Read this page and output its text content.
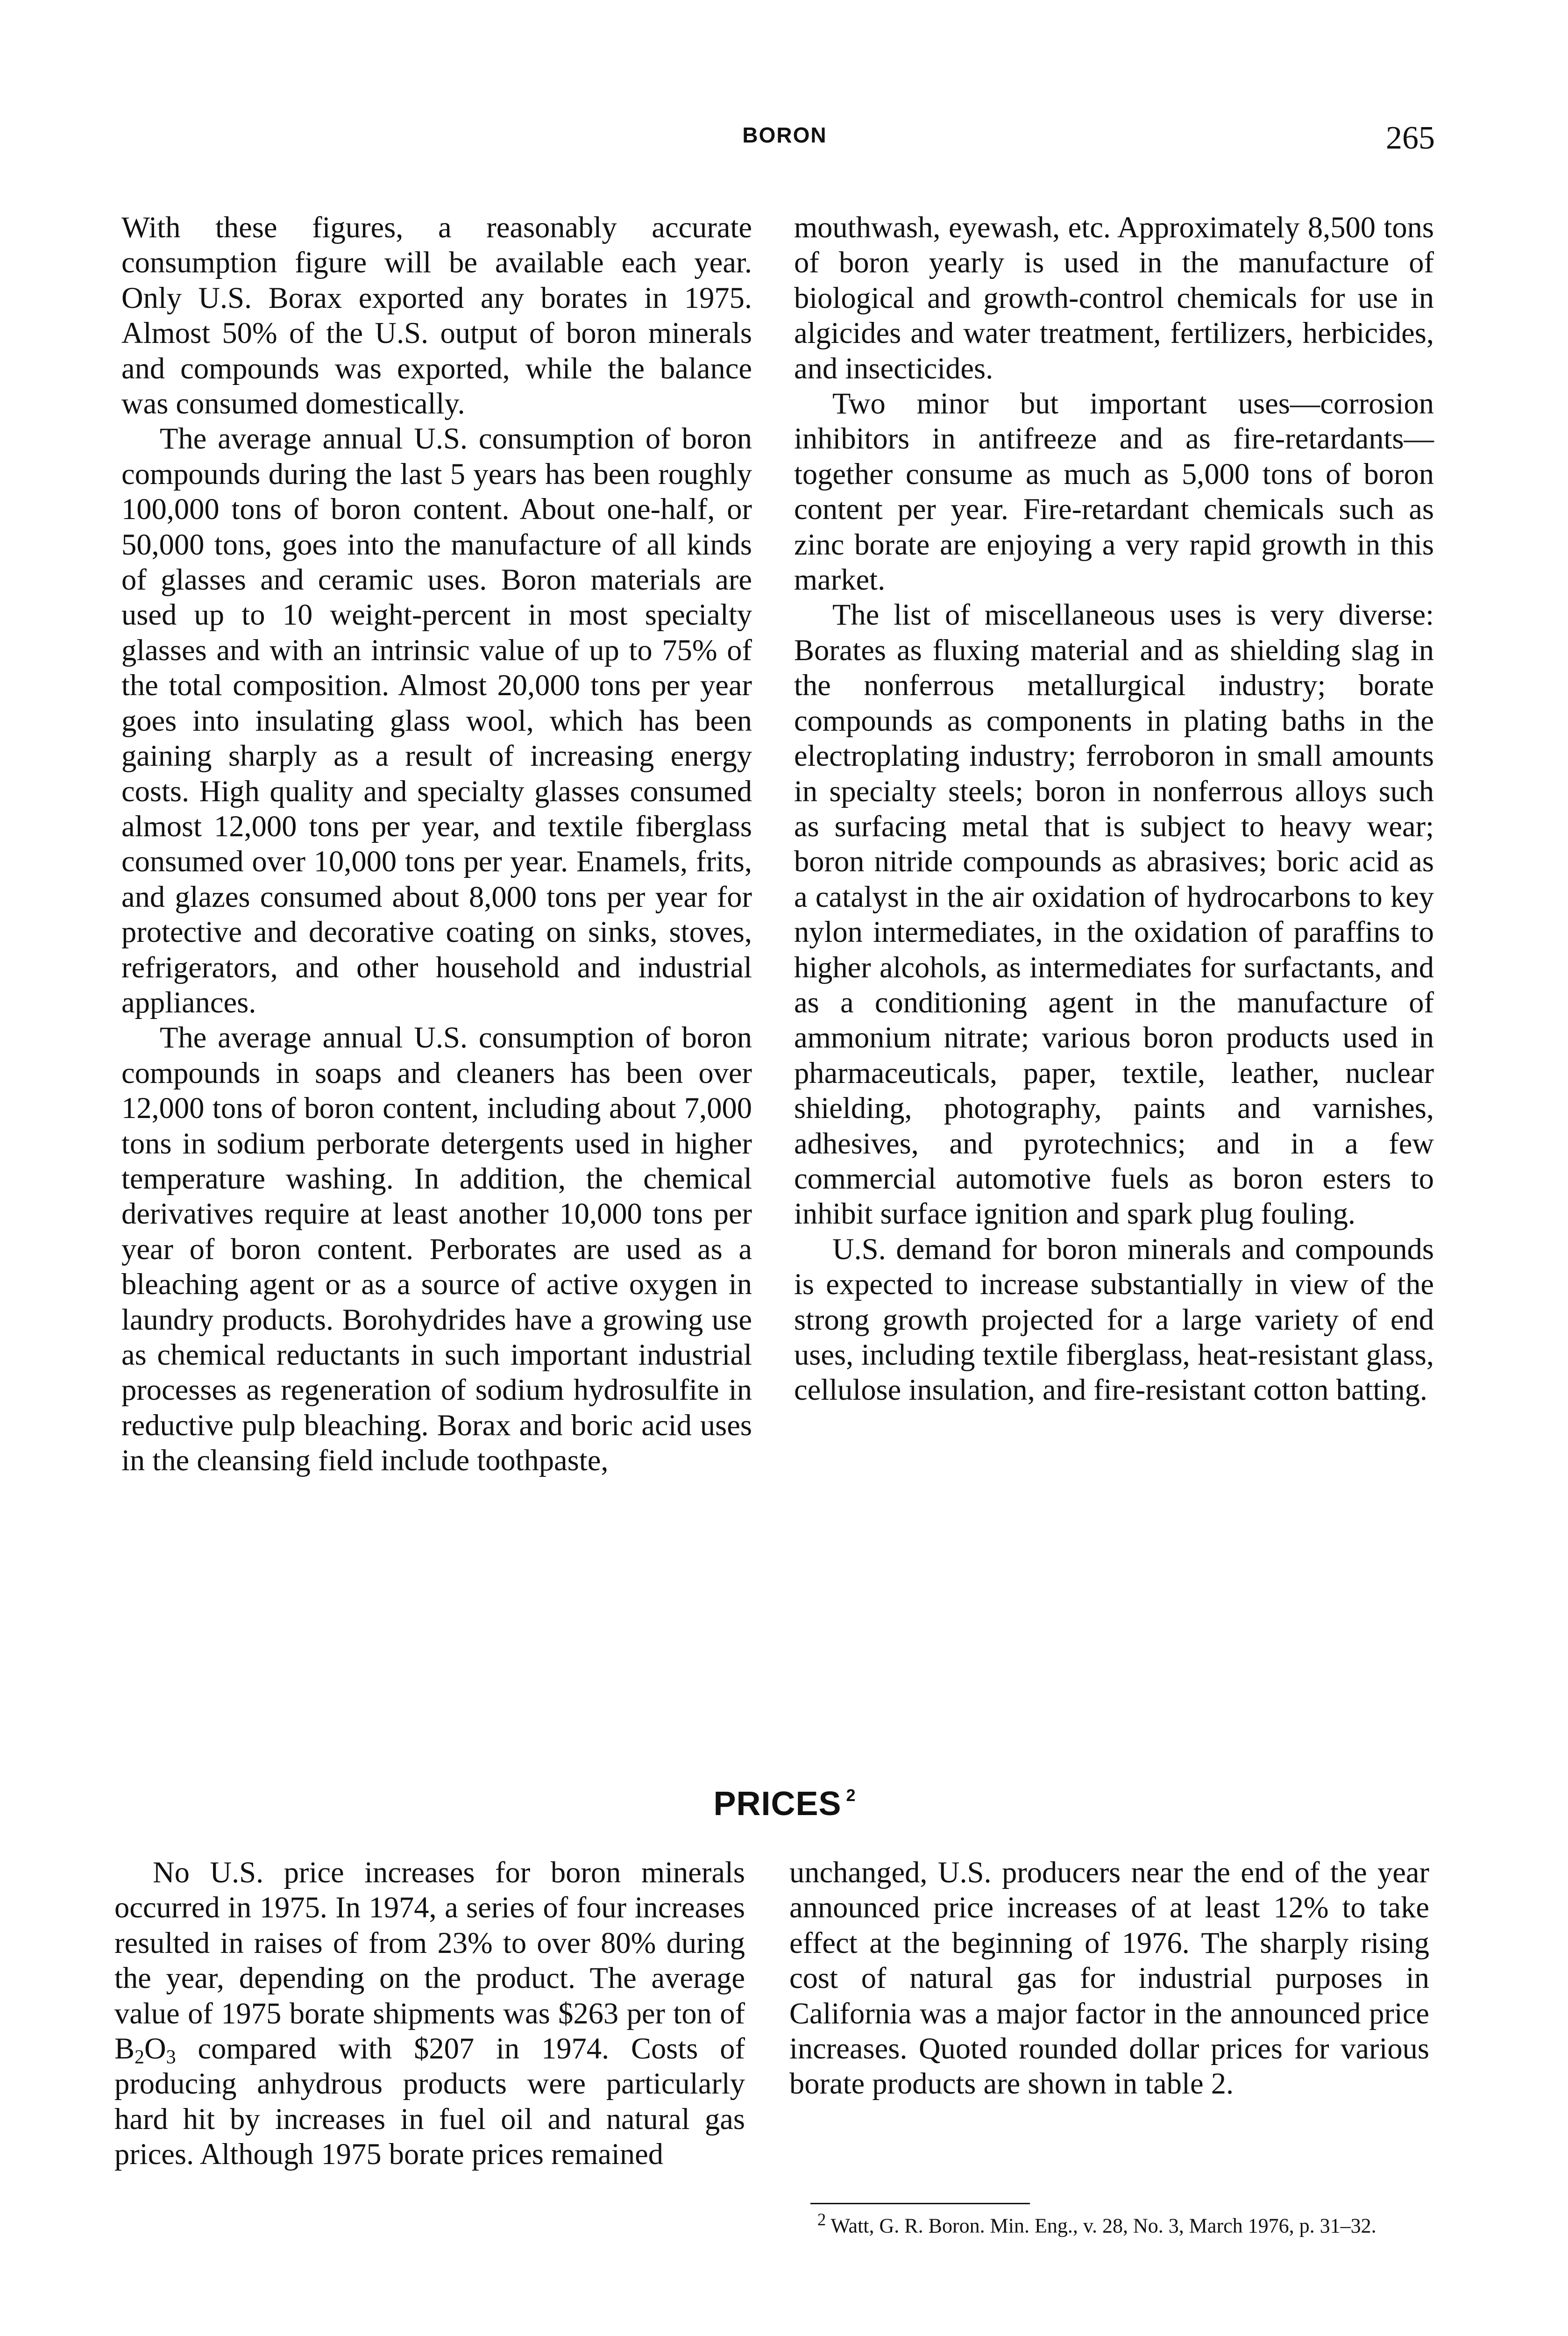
BORON	265

With these figures, a reasonably accurate consumption figure will be available each year. Only U.S. Borax exported any borates in 1975. Almost 50% of the U.S. output of boron minerals and compounds was exported, while the balance was consumed domestically.

The average annual U.S. consumption of boron compounds during the last 5 years has been roughly 100,000 tons of boron content. About one-half, or 50,000 tons, goes into the manufacture of all kinds of glasses and ceramic uses. Boron materials are used up to 10 weight-percent in most specialty glasses and with an intrinsic value of up to 75% of the total composition. Almost 20,000 tons per year goes into insulating glass wool, which has been gaining sharply as a result of increasing energy costs. High quality and specialty glasses consumed almost 12,000 tons per year, and textile fiberglass consumed over 10,000 tons per year. Enamels, frits, and glazes consumed about 8,000 tons per year for protective and decorative coating on sinks, stoves, refrigerators, and other household and industrial appliances.

The average annual U.S. consumption of boron compounds in soaps and cleaners has been over 12,000 tons of boron content, including about 7,000 tons in sodium perborate detergents used in higher temperature washing. In addition, the chemical derivatives require at least another 10,000 tons per year of boron content. Perborates are used as a bleaching agent or as a source of active oxygen in laundry products. Borohydrides have a growing use as chemical reductants in such important industrial processes as regeneration of sodium hydrosulfite in reductive pulp bleaching. Borax and boric acid uses in the cleansing field include toothpaste,

mouthwash, eyewash, etc. Approximately 8,500 tons of boron yearly is used in the manufacture of biological and growth-control chemicals for use in algicides and water treatment, fertilizers, herbicides, and insecticides.

Two minor but important uses—corrosion inhibitors in antifreeze and as fire-retardants—together consume as much as 5,000 tons of boron content per year. Fire-retardant chemicals such as zinc borate are enjoying a very rapid growth in this market.

The list of miscellaneous uses is very diverse: Borates as fluxing material and as shielding slag in the nonferrous metallurgical industry; borate compounds as components in plating baths in the electroplating industry; ferroboron in small amounts in specialty steels; boron in nonferrous alloys such as surfacing metal that is subject to heavy wear; boron nitride compounds as abrasives; boric acid as a catalyst in the air oxidation of hydrocarbons to key nylon intermediates, in the oxidation of paraffins to higher alcohols, as intermediates for surfactants, and as a conditioning agent in the manufacture of ammonium nitrate; various boron products used in pharmaceuticals, paper, textile, leather, nuclear shielding, photography, paints and varnishes, adhesives, and pyrotechnics; and in a few commercial automotive fuels as boron esters to inhibit surface ignition and spark plug fouling.

U.S. demand for boron minerals and compounds is expected to increase substantially in view of the strong growth projected for a large variety of end uses, including textile fiberglass, heat-resistant glass, cellulose insulation, and fire-resistant cotton batting.

PRICES $^2$

No U.S. price increases for boron minerals occurred in 1975. In 1974, a series of four increases resulted in raises of from 23% to over 80% during the year, depending on the product. The average value of 1975 borate shipments was $263 per ton of $B_2O_3$ compared with $207 in 1974. Costs of producing anhydrous products were particularly hard hit by increases in fuel oil and natural gas prices. Although 1975 borate prices remained

unchanged, U.S. producers near the end of the year announced price increases of at least 12% to take effect at the beginning of 1976. The sharply rising cost of natural gas for industrial purposes in California was a major factor in the announced price increases. Quoted rounded dollar prices for various borate products are shown in table 2.

$^2$ Watt, G. R. Boron. Min. Eng., v. 28, No. 3, March 1976, p. 31–32.
